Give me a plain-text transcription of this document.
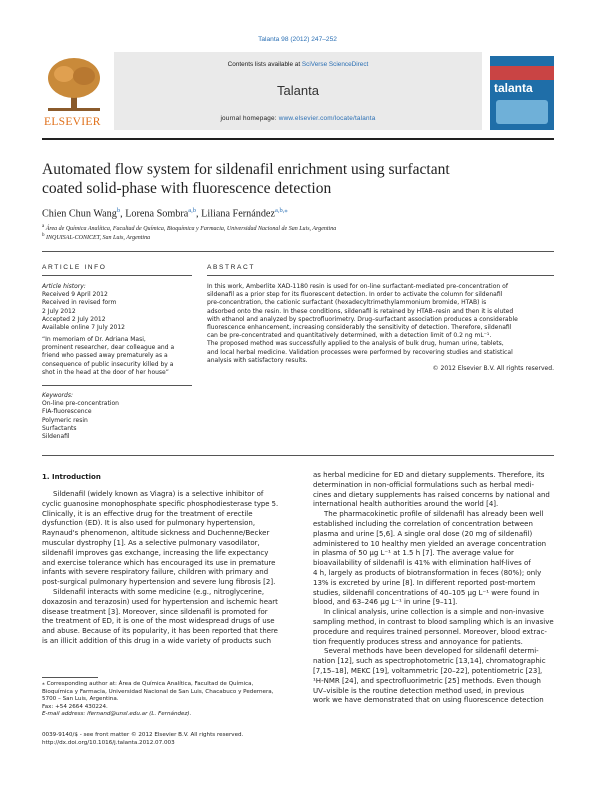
Talanta 98 (2012) 247–252
ELSEVIER
Contents lists available at SciVerse ScienceDirect
Talanta
journal homepage: www.elsevier.com/locate/talanta
talanta
Automated flow system for sildenafil enrichment using surfactant
coated solid-phase with fluorescence detection
Chien Chun Wang$^b$, Lorena Sombra$^{a,b}$, Liliana Fernández$^{a,b,⁎}$
$^a$ Área de Química Analítica, Facultad de Química, Bioquímica y Farmacia, Universidad Nacional de San Luis, Argentina
$^b$ INQUISAL-CONICET, San Luis, Argentina
ARTICLE INFO	ABSTRACT
Article history:
Received 9 April 2012
Received in revised form
2 July 2012
Accepted 2 July 2012
Available online 7 July 2012
“In memoriam of Dr. Adriana Masi,
prominent researcher, dear colleague and a
friend who passed away prematurely as a
consequence of public insecurity killed by a
shot in the head at the door of her house”
Keywords:
On-line pre-concentration
FIA-fluorescence
Polymeric resin
Surfactants
Sildenafil
In this work, Amberlite XAD-1180 resin is used for on-line surfactant-mediated pre-concentration of
sildenafil as a prior step for its fluorescent detection. In order to activate the column for sildenafil
pre-concentration, the cationic surfactant (hexadecyltrimethylammonium bromide, HTAB) is
adsorbed onto the resin. In these conditions, sildenafil is retained by HTAB–resin and then it is eluted
with ethanol and analyzed by spectrofluorimetry. Drug–surfactant association produces a considerable
fluorescence enhancement, increasing considerably the sensitivity of detection. Therefore, sildenafil
can be pre-concentrated and quantitatively determined, with a detection limit of 0.2 ng mL⁻¹.
The proposed method was successfully applied to the analysis of bulk drug, human urine, tablets,
and local herbal medicine. Validation processes were performed by recovering studies and statistical
analysis with satisfactory results.
© 2012 Elsevier B.V. All rights reserved.
1. Introduction
Sildenafil (widely known as Viagra) is a selective inhibitor of
cyclic guanosine monophosphate specific phosphodiesterase type 5.
Clinically, it is an effective drug for the treatment of erectile
dysfunction (ED). It is also used for pulmonary hypertension,
Raynaud's phenomenon, altitude sickness and Duchenne/Becker
muscular dystrophy [1]. As a selective pulmonary vasodilator,
sildenafil improves gas exchange, increasing the life expectancy
and exercise tolerance which has encouraged its use in premature
infants with severe respiratory failure, children with primary and
post-surgical pulmonary hypertension and severe lung fibrosis [2].
Sildenafil interacts with some medicine (e.g., nitroglycerine,
doxazosin and terazosin) used for hypertension and ischemic heart
disease treatment [3]. Moreover, since sildenafil is promoted for
the treatment of ED, it is one of the most widespread drugs of use
and abuse. Because of its popularity, it has been reported that there
is an illicit addition of this drug in a wide variety of products such
as herbal medicine for ED and dietary supplements. Therefore, its
determination in non-official formulations such as herbal medi-
cines and dietary supplements has raised concerns by national and
international health authorities around the world [4].
The pharmacokinetic profile of sildenafil has already been well
established including the correlation of concentration between
plasma and urine [5,6]. A single oral dose (20 mg of sildenafil)
administered to 10 healthy men yielded an average concentration
in plasma of 50 μg L⁻¹ at 1.5 h [7]. The average value for
bioavailability of sildenafil is 41% with elimination half-lives of
4 h, largely as products of biotransformation in feces (80%); only
13% is excreted by urine [8]. In different reported post-mortem
studies, sildenafil concentrations of 40–105 μg L⁻¹ were found in
blood, and 63–246 μg L⁻¹ in urine [9–11].
In clinical analysis, urine collection is a simple and non-invasive
sampling method, in contrast to blood sampling which is an invasive
procedure and requires trained personnel. Moreover, blood extrac-
tion frequently produces stress and annoyance for patients.
Several methods have been developed for sildenafil determi-
nation [12], such as spectrophotometric [13,14], chromatographic
[7,15–18], MEKC [19], voltammetric [20–22], potentiometric [23],
¹H-NMR [24], and spectrofluorimetric [25] methods. Even though
UV–visible is the routine detection method used, in previous
work we have demonstrated that on using fluorescence detection
⁎ Corresponding author at: Área de Química Analítica, Facultad de Química,
Bioquímica y Farmacia, Universidad Nacional de San Luis, Chacabuco y Pedernera,
5700 – San Luis, Argentina.
Fax: +54 2664 430224.
E-mail address: lfernand@unsl.edu.ar (L. Fernández).
0039-9140/$ - see front matter © 2012 Elsevier B.V. All rights reserved.
http://dx.doi.org/10.1016/j.talanta.2012.07.003
